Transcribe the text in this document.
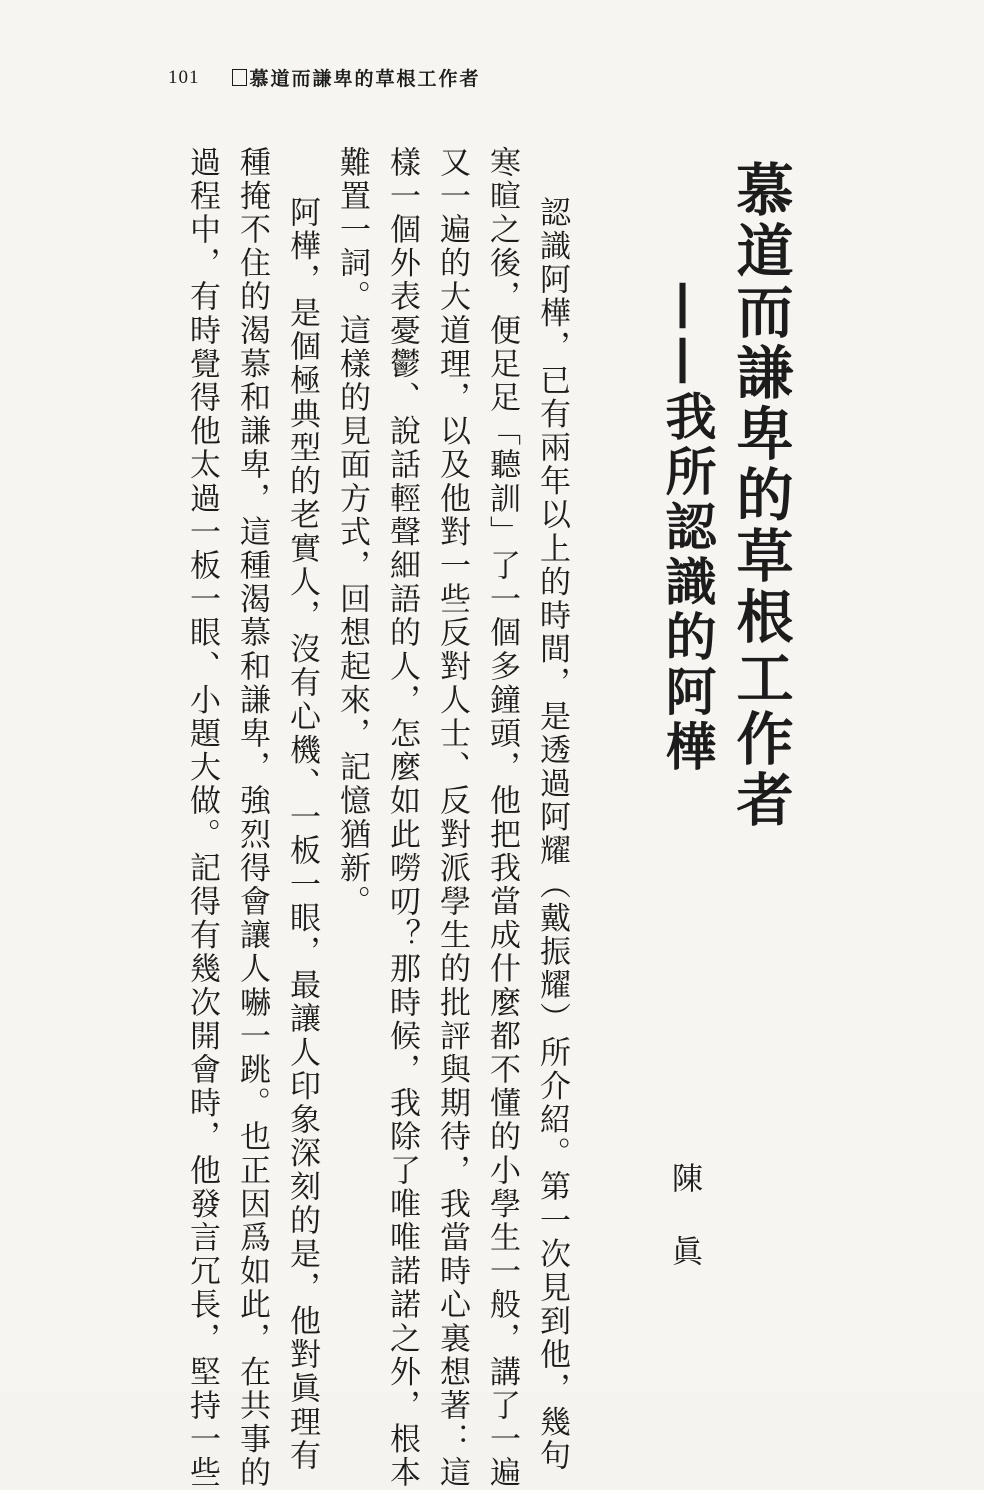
101	慕道而謙卑的草根工作者
慕道而謙卑的草根工作者
——我所認識的阿樺
陳眞
認識阿樺，已有兩年以上的時間，是透過阿耀（戴振耀）所介紹。第一次見到他，幾句
寒暄之後，便足足「聽訓」了一個多鐘頭，他把我當成什麼都不懂的小學生一般，講了一遍
又一遍的大道理，以及他對一些反對人士、反對派學生的批評與期待，我當時心裏想著：這
樣一個外表憂鬱、說話輕聲細語的人，怎麼如此嘮叨？那時候，我除了唯唯諾諾之外，根本
難置一詞。這樣的見面方式，回想起來，記憶猶新。
阿樺，是個極典型的老實人，沒有心機、一板一眼，最讓人印象深刻的是，他對眞理有
種掩不住的渴慕和謙卑，這種渴慕和謙卑，強烈得會讓人嚇一跳。也正因爲如此，在共事的
過程中，有時覺得他太過一板一眼、小題大做。記得有幾次開會時，他發言冗長，堅持一些
